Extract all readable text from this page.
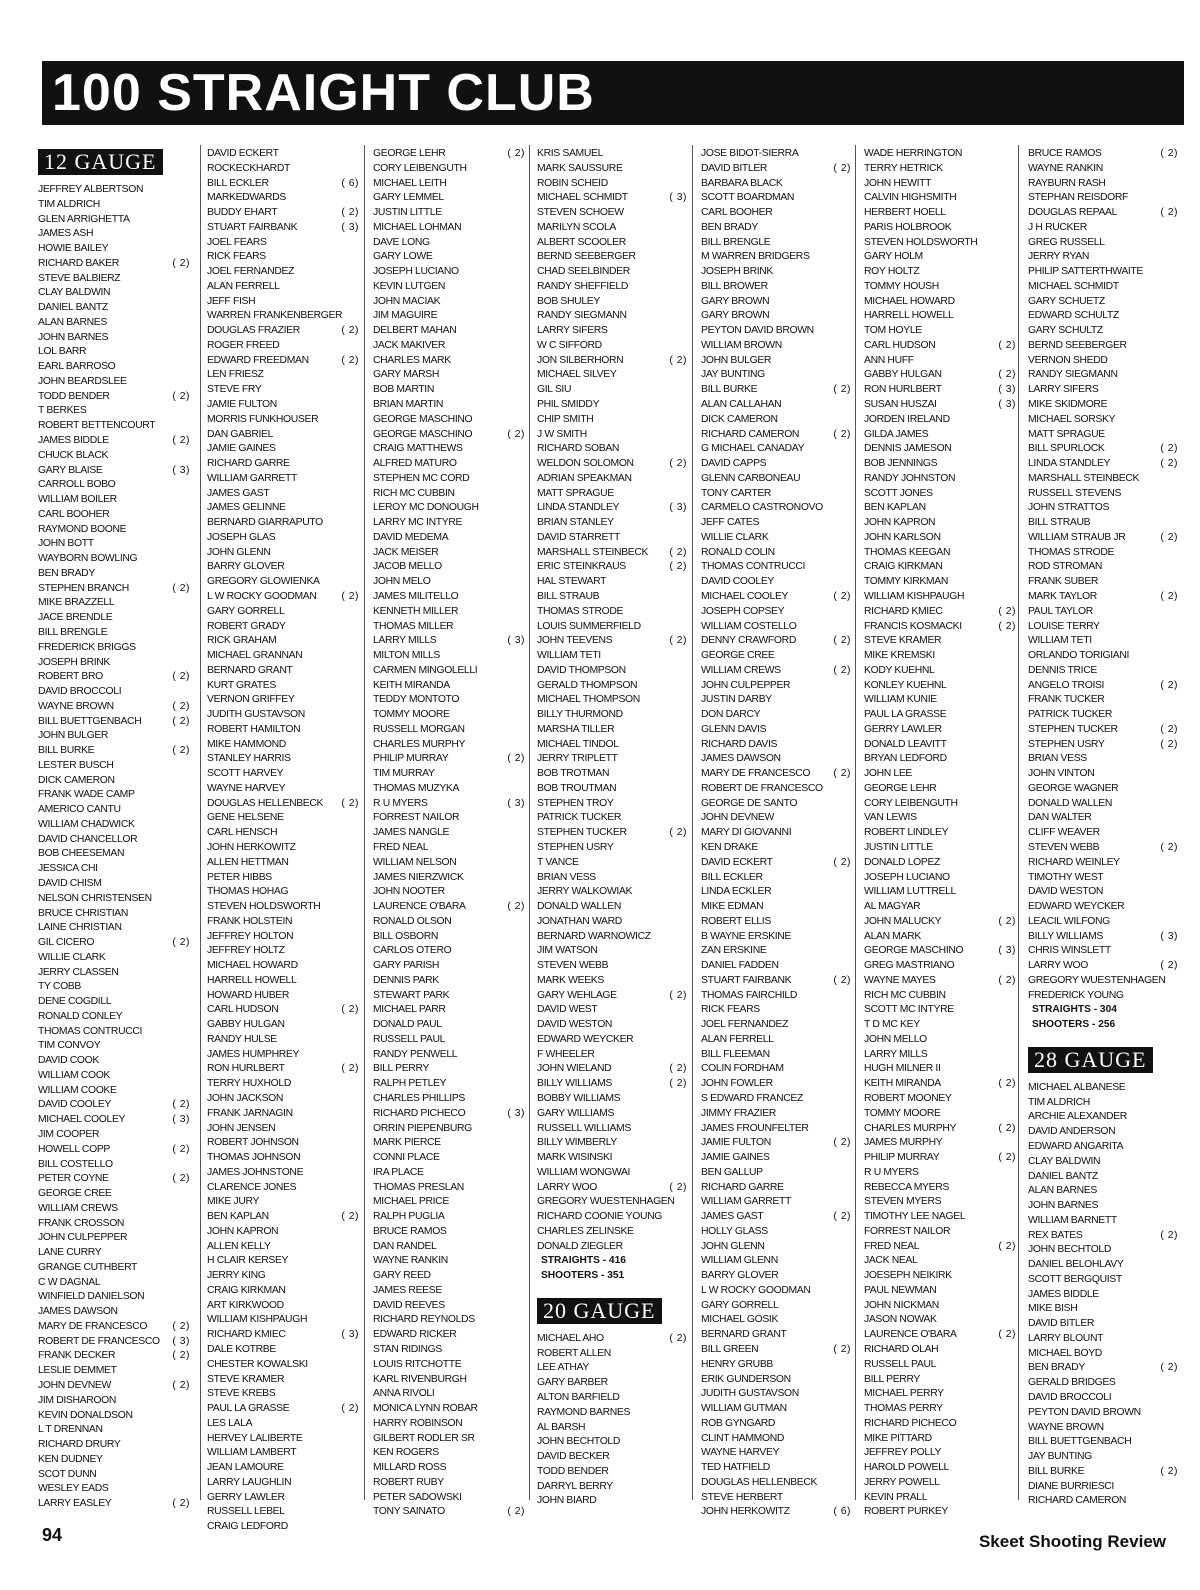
100 STRAIGHT CLUB
12 GAUGE
JEFFREY ALBERTSON
TIM ALDRICH
GLEN ARRIGHETTA
JAMES ASH
HOWIE BAILEY
RICHARD BAKER	( 2)
STEVE BALBIERZ
CLAY BALDWIN
DANIEL BANTZ
ALAN BARNES
JOHN BARNES
LOL BARR
EARL BARROSO
JOHN BEARDSLEE
TODD BENDER	( 2)
T BERKES
ROBERT BETTENCOURT
JAMES BIDDLE	( 2)
CHUCK BLACK
GARY BLAISE	( 3)
CARROLL BOBO
WILLIAM BOILER
CARL BOOHER
RAYMOND BOONE
JOHN BOTT
WAYBORN BOWLING
BEN BRADY
STEPHEN BRANCH	( 2)
MIKE BRAZZELL
JACE BRENDLE
BILL BRENGLE
FREDERICK BRIGGS
JOSEPH BRINK
ROBERT BRO	( 2)
DAVID BROCCOLI
WAYNE BROWN	( 2)
BILL BUETTGENBACH	( 2)
JOHN BULGER
BILL BURKE	( 2)
LESTER BUSCH
DICK CAMERON
FRANK WADE CAMP
AMERICO CANTU
WILLIAM CHADWICK
DAVID CHANCELLOR
BOB CHEESEMAN
JESSICA CHI
DAVID CHISM
NELSON CHRISTENSEN
BRUCE CHRISTIAN
LAINE CHRISTIAN
GIL CICERO	( 2)
WILLIE CLARK
JERRY CLASSEN
TY COBB
DENE COGDILL
RONALD CONLEY
THOMAS CONTRUCCI
TIM CONVOY
DAVID COOK
WILLIAM COOK
WILLIAM COOKE
DAVID COOLEY	( 2)
MICHAEL COOLEY	( 3)
JIM COOPER
HOWELL COPP	( 2)
BILL COSTELLO
PETER COYNE	( 2)
GEORGE CREE
WILLIAM CREWS
FRANK CROSSON
JOHN CULPEPPER
LANE CURRY
GRANGE CUTHBERT
C W DAGNAL
WINFIELD DANIELSON
JAMES DAWSON
MARY DE FRANCESCO ( 2)
ROBERT DE FRANCESCO ( 3)
FRANK DECKER	( 2)
LESLIE DEMMET
JOHN DEVNEW	( 2)
JIM DISHAROON
KEVIN DONALDSON
L T DRENNAN
RICHARD DRURY
KEN DUDNEY
SCOT DUNN
WESLEY EADS
LARRY EASLEY	( 2)
DAVID ECKERT
ROCKECKHARDT
BILL ECKLER	( 6)
MARKEDWARDS
BUDDY EHART	( 2)
STUART FAIRBANK	( 3)
JOEL FEARS
RICK FEARS
JOEL FERNANDEZ
ALAN FERRELL
JEFF FISH
WARREN FRANKENBERGER
DOUGLAS FRAZIER	( 2)
ROGER FREED
EDWARD FREEDMAN	( 2)
LEN FRIESZ
STEVE FRY
JAMIE FULTON
MORRIS FUNKHOUSER
DAN GABRIEL
JAMIE GAINES
RICHARD GARRE
WILLIAM GARRETT
JAMES GAST
JAMES GELINNE
BERNARD GIARRAPUTO
JOSEPH GLAS
JOHN GLENN
BARRY GLOVER
GREGORY GLOWIENKA
L W ROCKY GOODMAN ( 2)
GARY GORRELL
ROBERT GRADY
RICK GRAHAM
MICHAEL GRANNAN
BERNARD GRANT
KURT GRATES
VERNON GRIFFEY
JUDITH GUSTAVSON
ROBERT HAMILTON
MIKE HAMMOND
STANLEY HARRIS
SCOTT HARVEY
WAYNE HARVEY
DOUGLAS HELLENBECK ( 2)
GENE HELSENE
CARL HENSCH
JOHN HERKOWITZ
ALLEN HETTMAN
PETER HIBBS
THOMAS HOHAG
STEVEN HOLDSWORTH
FRANK HOLSTEIN
JEFFREY HOLTON
JEFFREY HOLTZ
MICHAEL HOWARD
HARRELL HOWELL
HOWARD HUBER
CARL HUDSON	( 2)
GABBY HULGAN
RANDY HULSE
JAMES HUMPHREY
RON HURLBERT	( 2)
TERRY HUXHOLD
JOHN JACKSON
FRANK JARNAGIN
JOHN JENSEN
ROBERT JOHNSON
THOMAS JOHNSON
JAMES JOHNSTONE
CLARENCE JONES
MIKE JURY
BEN KAPLAN	( 2)
JOHN KAPRON
ALLEN KELLY
H CLAIR KERSEY
JERRY KING
CRAIG KIRKMAN
ART KIRKWOOD
WILLIAM KISHPAUGH
RICHARD KMIEC	( 3)
DALE KOTRBE
CHESTER KOWALSKI
STEVE KRAMER
STEVE KREBS
PAUL LA GRASSE	( 2)
LES LALA
HERVEY LALIBERTE
WILLIAM LAMBERT
JEAN LAMOURE
LARRY LAUGHLIN
GERRY LAWLER
RUSSELL LEBEL
CRAIG LEDFORD
GEORGE LEHR	( 2)
CORY LEIBENGUTH
MICHAEL LEITH
GARY LEMMEL
JUSTIN LITTLE
MICHAEL LOHMAN
DAVE LONG
GARY LOWE
JOSEPH LUCIANO
KEVIN LUTGEN
JOHN MACIAK
JIM MAGUIRE
DELBERT MAHAN
JACK MAKIVER
CHARLES MARK
GARY MARSH
BOB MARTIN
BRIAN MARTIN
GEORGE MASCHINO
GEORGE MASCHINO	( 2)
CRAIG MATTHEWS
ALFRED MATURO
STEPHEN MC CORD
RICH MC CUBBIN
LEROY MC DONOUGH
LARRY MC INTYRE
DAVID MEDEMA
JACK MEISER
JACOB MELLO
JOHN MELO
JAMES MILITELLO
KENNETH MILLER
THOMAS MILLER
LARRY MILLS	( 3)
MILTON MILLS
CARMEN MINGOLELLI
KEITH MIRANDA
TEDDY MONTOTO
TOMMY MOORE
RUSSELL MORGAN
CHARLES MURPHY
PHILIP MURRAY	( 2)
TIM MURRAY
THOMAS MUZYKA
R U MYERS	( 3)
FORREST NAILOR
JAMES NANGLE
FRED NEAL
WILLIAM NELSON
JAMES NIERZWICK
JOHN NOOTER
LAURENCE O'BARA	( 2)
RONALD OLSON
BILL OSBORN
CARLOS OTERO
GARY PARISH
DENNIS PARK
STEWART PARK
MICHAEL PARR
DONALD PAUL
RUSSELL PAUL
RANDY PENWELL
BILL PERRY
RALPH PETLEY
CHARLES PHILLIPS
RICHARD PICHECO	( 3)
ORRIN PIEPENBURG
MARK PIERCE
CONNI PLACE
IRA PLACE
THOMAS PRESLAN
MICHAEL PRICE
RALPH PUGLIA
BRUCE RAMOS
DAN RANDEL
WAYNE RANKIN
GARY REED
JAMES REESE
DAVID REEVES
RICHARD REYNOLDS
EDWARD RICKER
STAN RIDINGS
LOUIS RITCHOTTE
KARL RIVENBURGH
ANNA RIVOLI
MONICA LYNN ROBAR
HARRY ROBINSON
GILBERT RODLER SR
KEN ROGERS
MILLARD ROSS
ROBERT RUBY
PETER SADOWSKI
TONY SAINATO	( 2)
KRIS SAMUEL
MARK SAUSSURE
ROBIN SCHEID
MICHAEL SCHMIDT	( 3)
STEVEN SCHOEW
MARILYN SCOLA
ALBERT SCOOLER
BERND SEEBERGER
CHAD SEELBINDER
RANDY SHEFFIELD
BOB SHULEY
RANDY SIEGMANN
LARRY SIFERS
W C SIFFORD
JON SILBERHORN	( 2)
MICHAEL SILVEY
GIL SIU
PHIL SMIDDY
CHIP SMITH
J W SMITH
RICHARD SOBAN
WELDON SOLOMON	( 2)
ADRIAN SPEAKMAN
MATT SPRAGUE
LINDA STANDLEY	( 3)
BRIAN STANLEY
DAVID STARRETT
MARSHALL STEINBECK ( 2)
ERIC STEINKRAUS	( 2)
HAL STEWART
BILL STRAUB
THOMAS STRODE
LOUIS SUMMERFIELD
JOHN TEEVENS	( 2)
WILLIAM TETI
DAVID THOMPSON
GERALD THOMPSON
MICHAEL THOMPSON
BILLY THURMOND
MARSHA TILLER
MICHAEL TINDOL
JERRY TRIPLETT
BOB TROTMAN
BOB TROUTMAN
STEPHEN TROY
PATRICK TUCKER
STEPHEN TUCKER	( 2)
STEPHEN USRY
T VANCE
BRIAN VESS
JERRY WALKOWIAK
DONALD WALLEN
JONATHAN WARD
BERNARD WARNOWICZ
JIM WATSON
STEVEN WEBB
MARK WEEKS
GARY WEHLAGE	( 2)
DAVID WEST
DAVID WESTON
EDWARD WEYCKER
F WHEELER
JOHN WIELAND	( 2)
BILLY WILLIAMS	( 2)
BOBBY WILLIAMS
GARY WILLIAMS
RUSSELL WILLIAMS
BILLY WIMBERLY
MARK WISINSKI
WILLIAM WONGWAI
LARRY WOO	( 2)
GREGORY WUESTENHAGEN
RICHARD COONIE YOUNG
CHARLES ZELINSKE
DONALD ZIEGLER
STRAIGHTS - 416
SHOOTERS - 351
20 GAUGE
MICHAEL AHO	( 2)
ROBERT ALLEN
LEE ATHAY
GARY BARBER
ALTON BARFIELD
RAYMOND BARNES
AL BARSH
JOHN BECHTOLD
DAVID BECKER
TODD BENDER
DARRYL BERRY
JOHN BIARD
JOSE BIDOT-SIERRA
DAVID BITLER	( 2)
BARBARA BLACK
SCOTT BOARDMAN
CARL BOOHER
BEN BRADY
BILL BRENGLE
M WARREN BRIDGERS
JOSEPH BRINK
BILL BROWER
GARY BROWN
GARY BROWN
PEYTON DAVID BROWN
WILLIAM BROWN
JOHN BULGER
JAY BUNTING
BILL BURKE	( 2)
ALAN CALLAHAN
DICK CAMERON
RICHARD CAMERON	( 2)
G MICHAEL CANADAY
DAVID CAPPS
GLENN CARBONEAU
TONY CARTER
CARMELO CASTRONOVO
JEFF CATES
WILLIE CLARK
RONALD COLIN
THOMAS CONTRUCCI
DAVID COOLEY
MICHAEL COOLEY	( 2)
JOSEPH COPSEY
WILLIAM COSTELLO
DENNY CRAWFORD	( 2)
GEORGE CREE
WILLIAM CREWS	( 2)
JOHN CULPEPPER
JUSTIN DARBY
DON DARCY
GLENN DAVIS
RICHARD DAVIS
JAMES DAWSON
MARY DE FRANCESCO ( 2)
ROBERT DE FRANCESCO
GEORGE DE SANTO
JOHN DEVNEW
MARY DI GIOVANNI
KEN DRAKE
DAVID ECKERT	( 2)
BILL ECKLER
LINDA ECKLER
MIKE EDMAN
ROBERT ELLIS
B WAYNE ERSKINE
ZAN ERSKINE
DANIEL FADDEN
STUART FAIRBANK	( 2)
THOMAS FAIRCHILD
RICK FEARS
JOEL FERNANDEZ
ALAN FERRELL
BILL FLEEMAN
COLIN FORDHAM
JOHN FOWLER
S EDWARD FRANCEZ
JIMMY FRAZIER
JAMES FROUNFELTER
JAMIE FULTON	( 2)
JAMIE GAINES
BEN GALLUP
RICHARD GARRE
WILLIAM GARRETT
JAMES GAST	( 2)
HOLLY GLASS
JOHN GLENN
WILLIAM GLENN
BARRY GLOVER
L W ROCKY GOODMAN
GARY GORRELL
MICHAEL GOSIK
BERNARD GRANT
BILL GREEN	( 2)
HENRY GRUBB
ERIK GUNDERSON
JUDITH GUSTAVSON
WILLIAM GUTMAN
ROB GYNGARD
CLINT HAMMOND
WAYNE HARVEY
TED HATFIELD
DOUGLAS HELLENBECK
STEVE HERBERT
JOHN HERKOWITZ	( 6)
WADE HERRINGTON
TERRY HETRICK
JOHN HEWITT
CALVIN HIGHSMITH
HERBERT HOELL
PARIS HOLBROOK
STEVEN HOLDSWORTH
GARY HOLM
ROY HOLTZ
TOMMY HOUSH
MICHAEL HOWARD
HARRELL HOWELL
TOM HOYLE
CARL HUDSON	( 2)
ANN HUFF
GABBY HULGAN	( 2)
RON HURLBERT	( 3)
SUSAN HUSZAI	( 3)
JORDEN IRELAND
GILDA JAMES
DENNIS JAMESON
BOB JENNINGS
RANDY JOHNSTON
SCOTT JONES
BEN KAPLAN
JOHN KAPRON
JOHN KARLSON
THOMAS KEEGAN
CRAIG KIRKMAN
TOMMY KIRKMAN
WILLIAM KISHPAUGH
RICHARD KMIEC	( 2)
FRANCIS KOSMACKI	( 2)
STEVE KRAMER
MIKE KREMSKI
KODY KUEHNL
KONLEY KUEHNL
WILLIAM KUNIE
PAUL LA GRASSE
GERRY LAWLER
DONALD LEAVITT
BRYAN LEDFORD
JOHN LEE
GEORGE LEHR
CORY LEIBENGUTH
VAN LEWIS
ROBERT LINDLEY
JUSTIN LITTLE
DONALD LOPEZ
JOSEPH LUCIANO
WILLIAM LUTTRELL
AL MAGYAR
JOHN MALUCKY	( 2)
ALAN MARK
GEORGE MASCHINO	( 3)
GREG MASTRIANO
WAYNE MAYES	( 2)
RICH MC CUBBIN
SCOTT MC INTYRE
T D MC KEY
JOHN MELLO
LARRY MILLS
HUGH MILNER II
KEITH MIRANDA	( 2)
ROBERT MOONEY
TOMMY MOORE
CHARLES MURPHY	( 2)
JAMES MURPHY
PHILIP MURRAY	( 2)
R U MYERS
REBECCA MYERS
STEVEN MYERS
TIMOTHY LEE NAGEL
FORREST NAILOR
FRED NEAL	( 2)
JACK NEAL
JOESEPH NEIKIRK
PAUL NEWMAN
JOHN NICKMAN
JASON NOWAK
LAURENCE O'BARA	( 2)
RICHARD OLAH
RUSSELL PAUL
BILL PERRY
MICHAEL PERRY
THOMAS PERRY
RICHARD PICHECO
MIKE PITTARD
JEFFREY POLLY
HAROLD POWELL
JERRY POWELL
KEVIN PRALL
ROBERT PURKEY
BRUCE RAMOS	( 2)
WAYNE RANKIN
RAYBURN RASH
STEPHAN REISDORF
DOUGLAS REPAAL	( 2)
J H RUCKER
GREG RUSSELL
JERRY RYAN
PHILIP SATTERTHWAITE
MICHAEL SCHMIDT
GARY SCHUETZ
EDWARD SCHULTZ
GARY SCHULTZ
BERND SEEBERGER
VERNON SHEDD
RANDY SIEGMANN
LARRY SIFERS
MIKE SKIDMORE
MICHAEL SORSKY
MATT SPRAGUE
BILL SPURLOCK	( 2)
LINDA STANDLEY	( 2)
MARSHALL STEINBECK
RUSSELL STEVENS
JOHN STRATTOS
BILL STRAUB
WILLIAM STRAUB JR	( 2)
THOMAS STRODE
ROD STROMAN
FRANK SUBER
MARK TAYLOR	( 2)
PAUL TAYLOR
LOUISE TERRY
WILLIAM TETI
ORLANDO TORIGIANI
DENNIS TRICE
ANGELO TROISI	( 2)
FRANK TUCKER
PATRICK TUCKER
STEPHEN TUCKER	( 2)
STEPHEN USRY	( 2)
BRIAN VESS
JOHN VINTON
GEORGE WAGNER
DONALD WALLEN
DAN WALTER
CLIFF WEAVER
STEVEN WEBB	( 2)
RICHARD WEINLEY
TIMOTHY WEST
DAVID WESTON
EDWARD WEYCKER
LEACIL WILFONG
BILLY WILLIAMS	( 3)
CHRIS WINSLETT
LARRY WOO	( 2)
GREGORY WUESTENHAGEN
FREDERICK YOUNG
STRAIGHTS - 304
SHOOTERS - 256
28 GAUGE
MICHAEL ALBANESE
TIM ALDRICH
ARCHIE ALEXANDER
DAVID ANDERSON
EDWARD ANGARITA
CLAY BALDWIN
DANIEL BANTZ
ALAN BARNES
JOHN BARNES
WILLIAM BARNETT
REX BATES	( 2)
JOHN BECHTOLD
DANIEL BELOHLAVY
SCOTT BERGQUIST
JAMES BIDDLE
MIKE BISH
DAVID BITLER
LARRY BLOUNT
MICHAEL BOYD
BEN BRADY	( 2)
GERALD BRIDGES
DAVID BROCCOLI
PEYTON DAVID BROWN
WAYNE BROWN
BILL BUETTGENBACH
JAY BUNTING
BILL BURKE	( 2)
DIANE BURRIESCI
RICHARD CAMERON
94	Skeet Shooting Review
